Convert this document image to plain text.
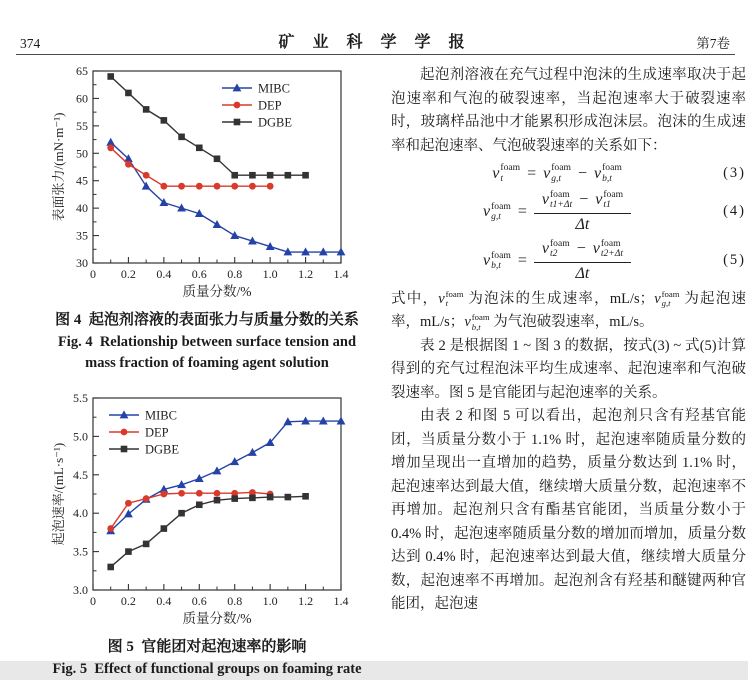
374	矿 业 科 学 学 报	第7卷
0 0.2 0.4 0.6 0.8 1.0 1.2 1.4
30
35
40
45
50
55
60
65
质量分数/%
表面张力/(mN·m⁻¹)
MIBC
DEP
DGBE
图 4  起泡剂溶液的表面张力与质量分数的关系
Fig. 4  Relationship between surface tension and
mass fraction of foaming agent solution
0 0.2 0.4 0.6 0.8 1.0 1.2 1.4
3.0
3.5
4.0
4.5
5.0
5.5
质量分数/%
起泡速率/(mL·s⁻¹)
MIBC
DEP
DGBE
图 5  官能团对起泡速率的影响
Fig. 5  Effect of functional groups on foaming rate

起泡剂溶液在充气过程中泡沫的生成速率取决于起泡速率和气泡的破裂速率，当起泡速率大于破裂速率时，玻璃样品池中才能累积形成泡沫层。泡沫的生成速率和起泡速率、气泡破裂速率的关系如下：

v foam
t	= v foam
g,t	− v foam
b,t	(3)
v foam
g,t	= v foam
t1+Δt − v foam
t1
Δt	(4)
v foam
b,t	= v foam
t2	− v foam
t2+Δt
Δt	(5)

式中， v foam
t	为泡沫的生成速率，mL/s； v foam
g,t 为起泡速率，mL/s； v foam
b,t 为气泡破裂速率，mL/s。

表 2 是根据图 1 ~ 图 3 的数据，按式(3) ~ 式(5)计算得到的充气过程泡沫平均生成速率、起泡速率和气泡破裂速率。图 5 是官能团与起泡速率的关系。

由表 2 和图 5 可以看出，起泡剂只含有羟基官能团，当质量分数小于 1.1% 时，起泡速率随质量分数的增加呈现出一直增加的趋势，质量分数达到 1.1% 时，起泡速率达到最大值，继续增大质量分数，起泡速率不再增加。起泡剂只含有酯基官能团，当质量分数小于 0.4% 时，起泡速率随质量分数的增加而增加，质量分数达到 0.4% 时，起泡速率达到最大值，继续增大质量分数，起泡速率不再增加。起泡剂含有羟基和醚键两种官能团，起泡速
